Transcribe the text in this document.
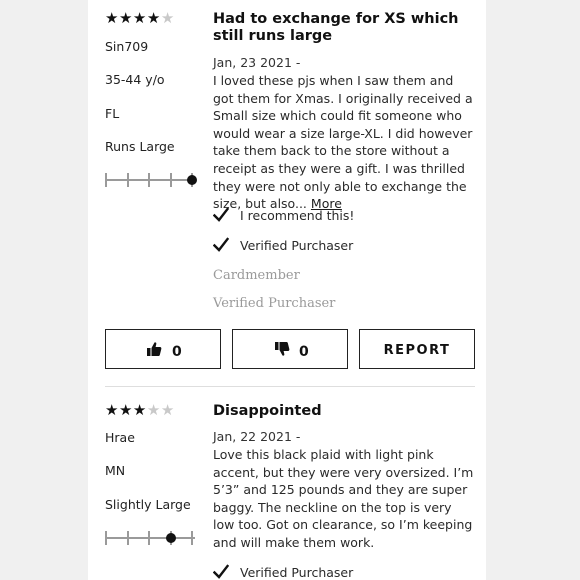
★★★★★
Sin709
35-44 y/o
FL
Runs Large
Had to exchange for XS which still runs large
Jan, 23 2021 -
I loved these pjs when I saw them and got them for Xmas. I originally received a Small size which could fit someone who would wear a size large-XL. I did however take them back to the store without a receipt as they were a gift. I was thrilled they were not only able to exchange the size, but also... More
I recommend this!
Verified Purchaser
Cardmember
Verified Purchaser
0	0	REPORT
★★★★★
Hrae
MN
Slightly Large
Disappointed
Jan, 22 2021 -
Love this black plaid with light pink accent, but they were very oversized. I’m 5’3” and 125 pounds and they are super baggy. The neckline on the top is very low too. Got on clearance, so I’m keeping and will make them work.
Verified Purchaser
